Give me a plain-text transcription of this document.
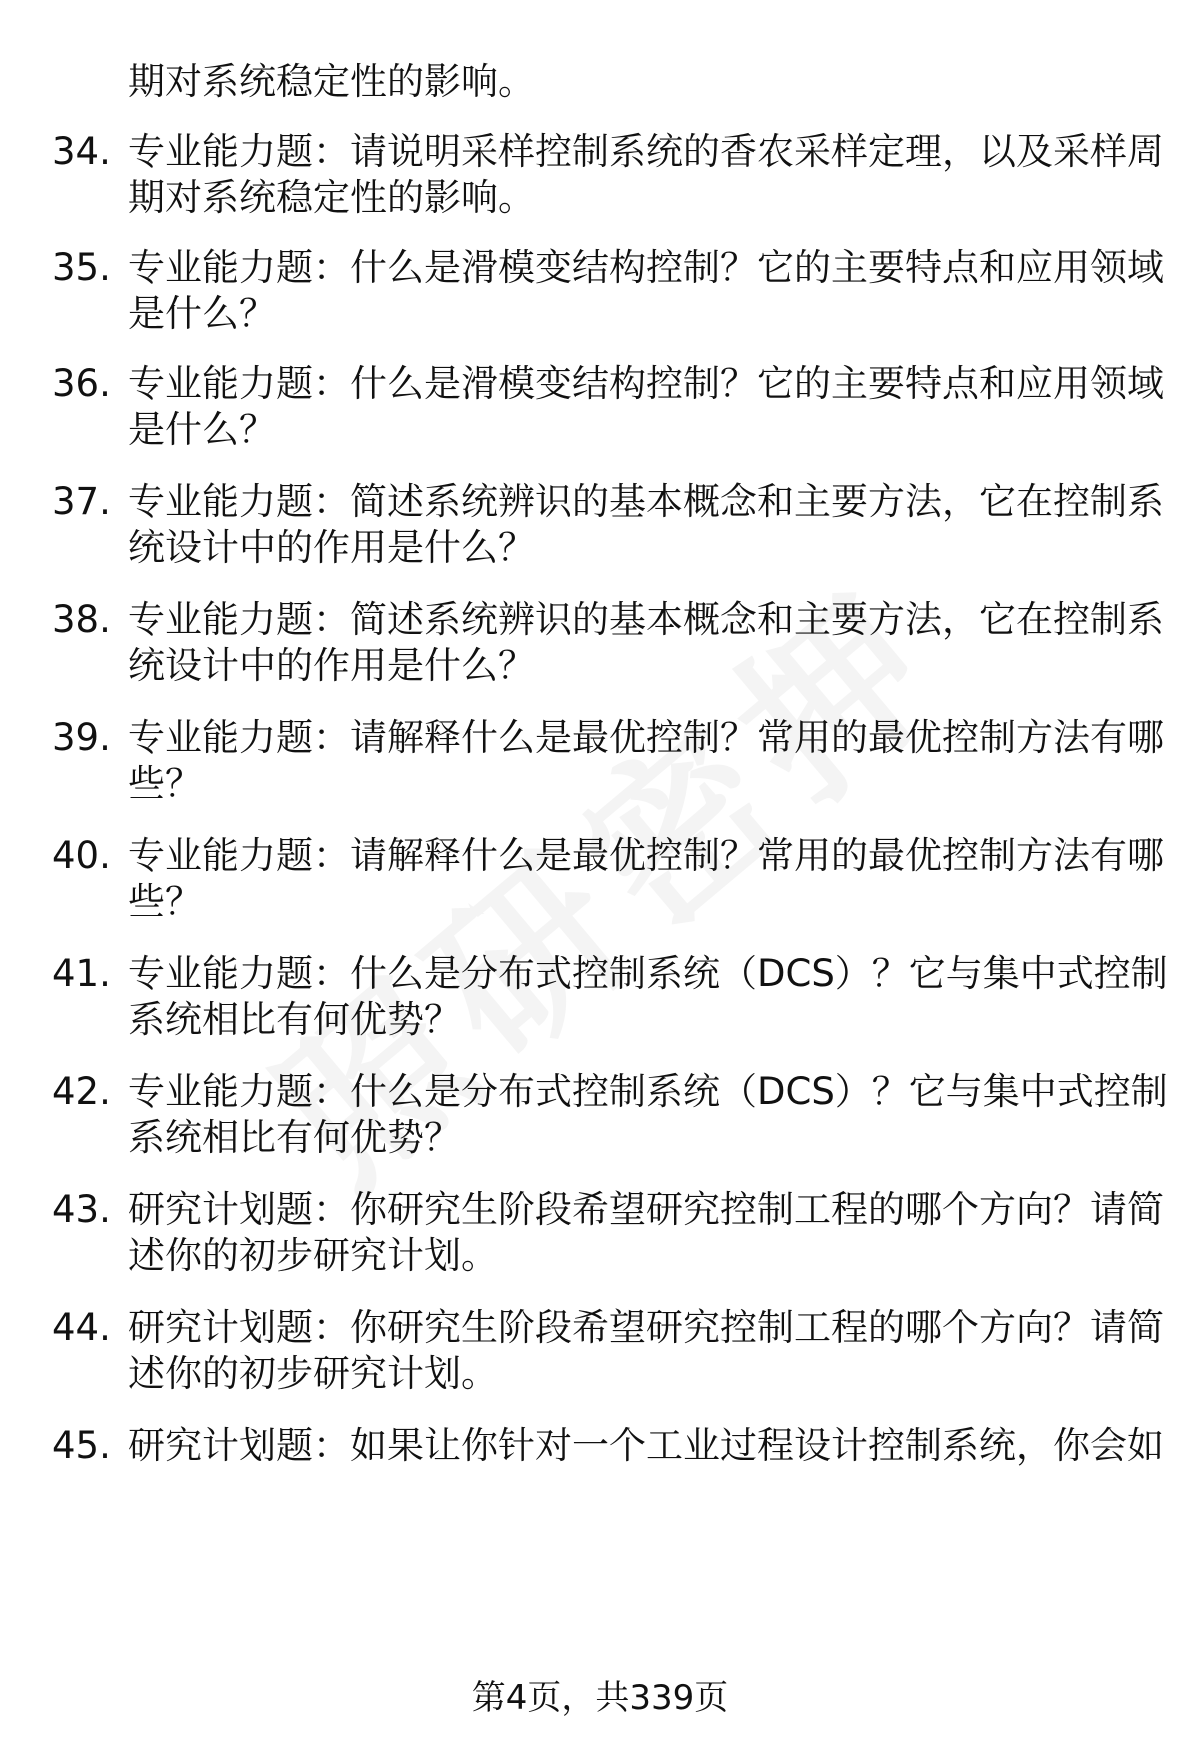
期对系统稳定性的影响。
34. 专业能力题：请说明采样控制系统的香农采样定理，以及采样周
期对系统稳定性的影响。
35. 专业能力题：什么是滑模变结构控制？它的主要特点和应用领域
是什么？
36. 专业能力题：什么是滑模变结构控制？它的主要特点和应用领域
是什么？
37. 专业能力题：简述系统辨识的基本概念和主要方法，它在控制系
统设计中的作用是什么？
38. 专业能力题：简述系统辨识的基本概念和主要方法，它在控制系
统设计中的作用是什么？
39. 专业能力题：请解释什么是最优控制？常用的最优控制方法有哪
些？
40. 专业能力题：请解释什么是最优控制？常用的最优控制方法有哪
些？
41. 专业能力题：什么是分布式控制系统（DCS）？它与集中式控制
系统相比有何优势？
42. 专业能力题：什么是分布式控制系统（DCS）？它与集中式控制
系统相比有何优势？
43. 研究计划题：你研究生阶段希望研究控制工程的哪个方向？请简
述你的初步研究计划。
44. 研究计划题：你研究生阶段希望研究控制工程的哪个方向？请简
述你的初步研究计划。
45. 研究计划题：如果让你针对一个工业过程设计控制系统，你会如
第4页，共339页
